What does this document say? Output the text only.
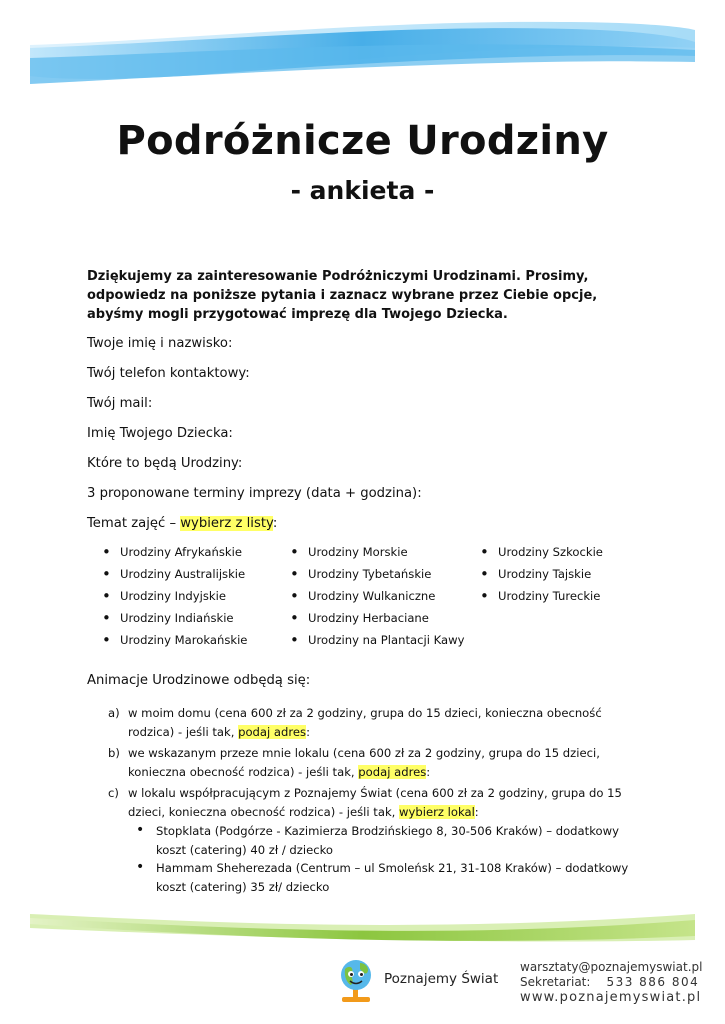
Podróżnicze Urodziny
- ankieta -
Dziękujemy za zainteresowanie Podróżniczymi Urodzinami. Prosimy, odpowiedz na poniższe pytania i zaznacz wybrane przez Ciebie opcje, abyśmy mogli przygotować imprezę dla Twojego Dziecka.
Twoje imię i nazwisko:
Twój telefon kontaktowy:
Twój mail:
Imię Twojego Dziecka:
Które to będą Urodziny:
3 proponowane terminy imprezy (data + godzina):
Temat zajęć – wybierz z listy:
• Urodziny Afrykańskie
• Urodziny Australijskie
• Urodziny Indyjskie
• Urodziny Indiańskie
• Urodziny Marokańskie
• Urodziny Morskie
• Urodziny Tybetańskie
• Urodziny Wulkaniczne
• Urodziny Herbaciane
• Urodziny na Plantacji Kawy
• Urodziny Szkockie
• Urodziny Tajskie
• Urodziny Tureckie
Animacje Urodzinowe odbędą się:
a) w moim domu (cena 600 zł za 2 godziny, grupa do 15 dzieci, konieczna obecność rodzica) - jeśli tak, podaj adres:
b) we wskazanym przeze mnie lokalu (cena 600 zł za 2 godziny, grupa do 15 dzieci, konieczna obecność rodzica) - jeśli tak, podaj adres:
c) w lokalu współpracującym z Poznajemy Świat (cena 600 zł za 2 godziny, grupa do 15 dzieci, konieczna obecność rodzica) - jeśli tak, wybierz lokal:
• Stopklata (Podgórze - Kazimierza Brodzińskiego 8, 30-506 Kraków) – dodatkowy koszt (catering) 40 zł / dziecko
• Hammam Sheherezada (Centrum – ul Smoleńsk 21, 31-108 Kraków) – dodatkowy koszt (catering) 35 zł/ dziecko
Poznajemy Świat
warsztaty@poznajemyswiat.pl
Sekretariat: 533 886 804
www.poznajemyswiat.pl
